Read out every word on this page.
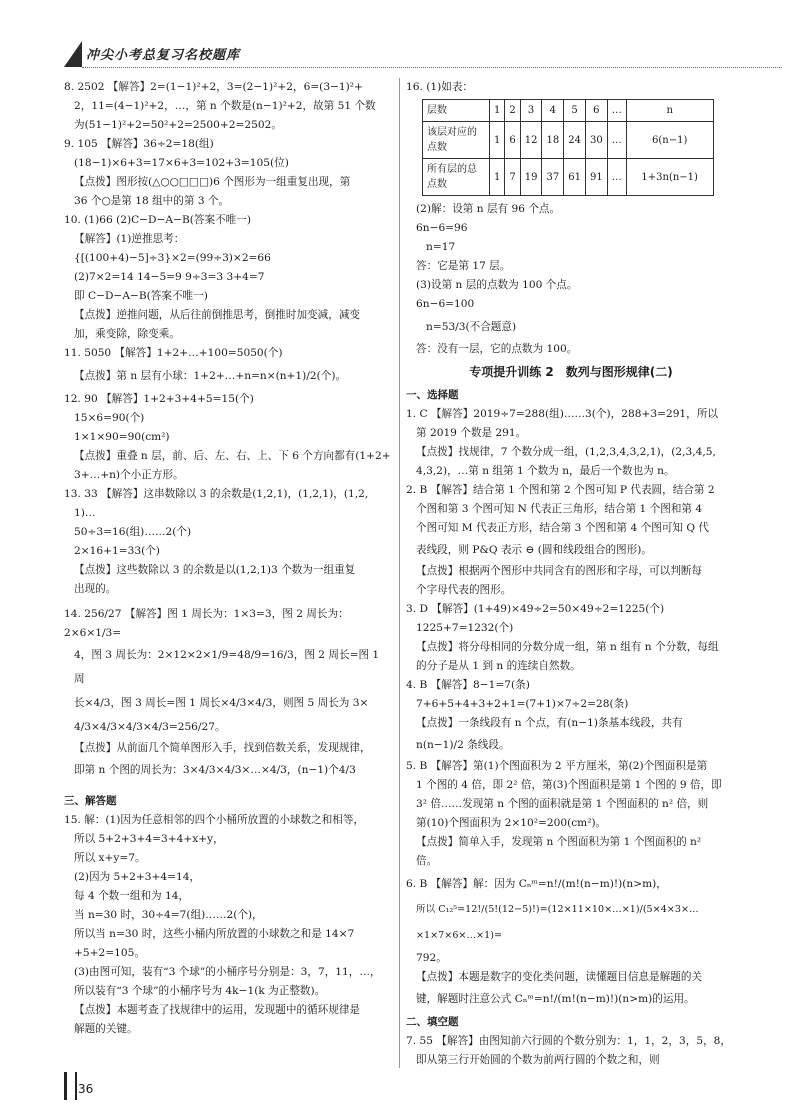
冲尖小考总复习名校题库

8. 2502 【解答】2=(1−1)²+2，3=(2−1)²+2，6=(3−1)²+

2，11=(4−1)²+2，…，第 n 个数是(n−1)²+2，故第 51 个数

为(51−1)²+2=50²+2=2500+2=2502。

9. 105 【解答】36÷2=18(组)

(18−1)×6+3=17×6+3=102+3=105(位)

【点拨】图形按(△○○□□□)6 个图形为一组重复出现，第

36 个○是第 18 组中的第 3 个。

10. (1)66 (2)C−D−A−B(答案不唯一)

【解答】(1)逆推思考：

{[(100+4)−5]÷3}×2=(99÷3)×2=66

(2)7×2=14 14−5=9 9÷3=3 3+4=7

即 C−D−A−B(答案不唯一)

【点拨】逆推问题，从后往前倒推思考，倒推时加变减，减变

加，乘变除，除变乘。

11. 5050 【解答】1+2+…+100=5050(个)

【点拨】第 n 层有小球：1+2+…+n=n×(n+1)/2(个)。

12. 90 【解答】1+2+3+4+5=15(个)

15×6=90(个)

1×1×90=90(cm²)

【点拨】重叠 n 层，前、后、左、右、上、下 6 个方向都有(1+2+

3+…+n)个小正方形。

13. 33 【解答】这串数除以 3 的余数是(1,2,1)，(1,2,1)，(1,2,

1)…

50÷3=16(组)……2(个)

2×16+1=33(个)

【点拨】这些数除以 3 的余数是以(1,2,1)3 个数为一组重复

出现的。

14. 256/27 【解答】图 1 周长为：1×3=3，图 2 周长为：2×6×1/3=

4，图 3 周长为：2×12×2×1/9=48/9=16/3，图 2 周长=图 1 周

长×4/3，图 3 周长=图 1 周长×4/3×4/3，则图 5 周长为 3×

4/3×4/3×4/3×4/3=256/27。

【点拨】从前面几个简单图形入手，找到倍数关系，发现规律，

即第 n 个图的周长为：3×4/3×4/3×…×4/3，(n−1)个4/3

三、解答题

15. 解：(1)因为任意相邻的四个小桶所放置的小球数之和相等，

所以 5+2+3+4=3+4+x+y，

所以 x+y=7。

(2)因为 5+2+3+4=14，

每 4 个数一组和为 14，

当 n=30 时，30÷4=7(组)……2(个)，

所以当 n=30 时，这些小桶内所放置的小球数之和是 14×7

+5+2=105。

(3)由图可知，装有“3 个球”的小桶序号分别是：3，7，11，…，

所以装有“3 个球”的小桶序号为 4k−1(k 为正整数)。

【点拨】本题考查了找规律中的运用，发现题中的循环规律是

解题的关键。

16. (1)如表：

层数	1	2	3	4	5	6	…	n
该层对应的点数	1	6	12	18	24	30	…	6(n−1)
所有层的总点数	1	7	19	37	61	91	…	1+3n(n−1)

(2)解：设第 n 层有 96 个点。

6n−6=96

n=17

答：它是第 17 层。

(3)设第 n 层的点数为 100 个点。

6n−6=100

n=53/3(不合题意)

答：没有一层，它的点数为 100。

专项提升训练 2　数列与图形规律(二)

一、选择题

1. C 【解答】2019÷7=288(组)……3(个)，288+3=291，所以

第 2019 个数是 291。

【点拨】找规律，7 个数分成一组，(1,2,3,4,3,2,1)，(2,3,4,5,

4,3,2)，…第 n 组第 1 个数为 n，最后一个数也为 n。

2. B 【解答】结合第 1 个图和第 2 个图可知 P 代表圆，结合第 2

个图和第 3 个图可知 N 代表正三角形，结合第 1 个图和第 4

个图可知 M 代表正方形，结合第 3 个图和第 4 个图可知 Q 代

表线段，则 P&Q 表示 ⊖ (圆和线段组合的图形)。

【点拨】根据两个图形中共同含有的图形和字母，可以判断每

个字母代表的图形。

3. D 【解答】(1+49)×49÷2=50×49÷2=1225(个)

1225+7=1232(个)

【点拨】将分母相同的分数分成一组，第 n 组有 n 个分数，每组

的分子是从 1 到 n 的连续自然数。

4. B 【解答】8−1=7(条)

7+6+5+4+3+2+1=(7+1)×7÷2=28(条)

【点拨】一条线段有 n 个点，有(n−1)条基本线段，共有

n(n−1)/2 条线段。

5. B 【解答】第(1)个图面积为 2 平方厘米，第(2)个图面积是第

1 个图的 4 倍，即 2² 倍，第(3)个图面积是第 1 个图的 9 倍，即

3² 倍……发现第 n 个图的面积就是第 1 个图面积的 n² 倍，则

第(10)个图面积为 2×10²=200(cm²)。

【点拨】简单入手，发现第 n 个图面积为第 1 个图面积的 n²

倍。

6. B 【解答】解：因为 Cₙᵐ=n!/(m!(n−m)!)(n>m)，

所以 C₁₂⁵=12!/(5!(12−5)!)=(12×11×10×…×1)/(5×4×3×…×1×7×6×…×1)=

792。

【点拨】本题是数字的变化类问题，读懂题目信息是解题的关

键，解题时注意公式 Cₙᵐ=n!/(m!(n−m)!)(n>m)的运用。

二、填空题

7. 55 【解答】由图知前六行圆的个数分别为：1，1，2，3，5，8，

即从第三行开始圆的个数为前两行圆的个数之和，则

36
